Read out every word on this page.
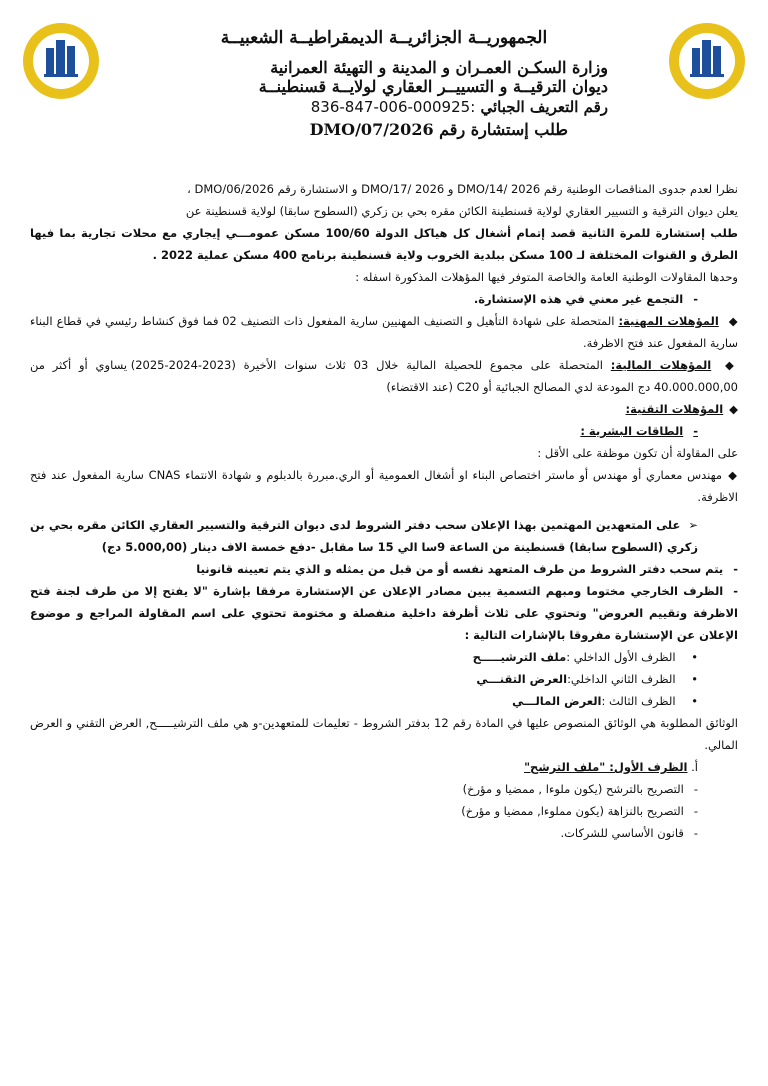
الجمهوريــة الجزائريــة الديمقراطيــة الشعبيــة
وزارة السكـن العمـران و المدينة و التهيئة العمرانية
ديوان الترقيــة و التسييــر العقاري لولايــة قسنطينــة
رقم التعريف الجبائي :000925-006-847-836
طلب إستشارة رقم 2026/DMO/07

نظرا لعدم جدوى المناقصات الوطنية رقم DMO/14/ 2026 و DMO/17/ 2026 و الاستشارة رقم 2026/DMO/06 ،

يعلن ديوان الترقية و التسيير العقاري لولاية قسنطينة الكائن مقره بحي بن زكري (السطوح سابقا) لولاية قسنطينة عن

طلب إستشارة للمرة الثانية قصد إتمام أشغال كل هياكل الدولة 100/60 مسكن عمومـــي إيجاري مع محلات تجارية بما فيها الطرق و القنوات المختلفة لـ 100 مسكن ببلدية الخروب ولاية قسنطينة برنامج 400 مسكن عملية 2022 .

وحدها المقاولات الوطنية العامة والخاصة المتوفر فيها المؤهلات المذكورة اسفله :

- التجمع غير معني في هذه الإستشارة.

◆ المؤهلات المهنية: المتحصلة على شهادة التأهيل و التصنيف المهنيين سارية المفعول ذات التصنيف 02 فما فوق كنشاط رئيسي في قطاع البناء سارية المفعول عند فتح الاظرفة.

◆ المؤهلات المالية: المتحصلة على مجموع للحصيلة المالية خلال 03 ثلاث سنوات الأخيرة (2023-2024-2025) يساوي أو أكثر من 40.000.000,00 دج المودعة لدي المصالح الجبائية أو C20 (عند الاقتضاء)

◆ المؤهلات التقنية:

- الطاقات البشرية :

على المقاولة أن تكون موظفة على الأقل :

◆ مهندس معماري أو مهندس أو ماستر اختصاص البناء او أشغال العمومية أو الري.مبررة بالدبلوم و شهادة الانتماء CNAS سارية المفعول عند فتح الاظرفة.

➢ على المتعهدين المهتمين بهذا الإعلان سحب دفتر الشروط لدى ديوان الترقية والتسيير العقاري الكائن مقره بحي بن زكري (السطوح سابقا) قسنطينة من الساعة 9سا الي 15 سا مقابل -دفع خمسة الاف دينار (5.000,00 دج)

- يتم سحب دفتر الشروط من طرف المتعهد نفسه أو من قبل من يمثله و الذي يتم تعيينه قانونيا

- الظرف الخارجي مختوما ومبهم التسمية يبين مصادر الإعلان عن الإستشارة مرفقا بإشارة "لا يفتح إلا من طرف لجنة فتح الاظرفة وتقييم العروض" وتحتوي على ثلاث أظرفة داخلية منفصلة و مختومة تحتوي على اسم المقاولة المراجع و موضوع الإعلان عن الإستشارة مفروقا بالإشارات التالية :

• الظرف الأول الداخلي :ملف الترشيـــــح

• الظرف الثاني الداخلي:العرض التقنـــي

• الظرف الثالث :العرض المالـــي

الوثائق المطلوبة هي الوثائق المنصوص عليها في المادة رقم 12 بدفتر الشروط - تعليمات للمتعهدين-و هي ملف الترشيـــــح, العرض التقني و العرض المالي.

أ. الظرف الأول: "ملف الترشح"

- التصريح بالترشح (يكون ملوءا , ممضيا و مؤرخ)

- التصريح بالنزاهة (يكون مملوءا, ممضيا و مؤرخ)

- قانون الأساسي للشركات.
